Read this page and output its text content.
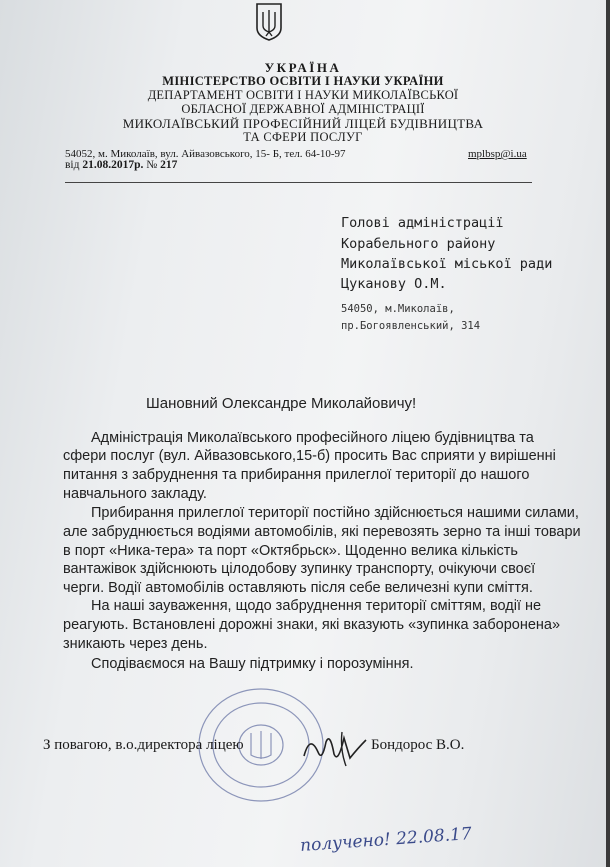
УКРАЇНА
МІНІСТЕРСТВО ОСВІТИ І НАУКИ УКРАЇНИ
ДЕПАРТАМЕНТ ОСВІТИ І НАУКИ МИКОЛАЇВСЬКОЇ
ОБЛАСНОЇ ДЕРЖАВНОЇ АДМІНІСТРАЦІЇ
МИКОЛАЇВСЬКИЙ ПРОФЕСІЙНИЙ ЛІЦЕЙ БУДІВНИЦТВА
ТА СФЕРИ ПОСЛУГ
54052, м. Миколаїв, вул. Айвазовського, 15- Б, тел. 64-10-97	mplbsp@i.ua
від 21.08.2017р. № 217
Голові адміністрації
Корабельного району
Миколаївської міської ради
Цуканову О.М.
54050, м.Миколаїв,
пр.Богоявленський, 314
Шановний Олександре Миколайовичу!
Адміністрація Миколаївського професійного ліцею будівництва та
сфери послуг (вул. Айвазовського,15-б) просить Вас сприяти у вирішенні
питання з забруднення та прибирання прилеглої території до нашого
навчального закладу.
Прибирання прилеглої території постійно здійснюється нашими силами,
але забруднюється водіями автомобілів, які перевозять зерно та інші товари
в порт «Ника-тера» та порт «Октябрьск». Щоденно велика кількість
вантажівок здійснюють цілодобову зупинку транспорту, очікуючи своєї
черги. Водії автомобілів оставляють після себе величезні купи сміття.
На наші зауваження, щодо забруднення території сміттям, водії не
реагують. Встановлені дорожні знаки, які вказують «зупинка заборонена»
зникають через день.
Сподіваємося на Вашу підтримку і порозуміння.
З повагою, в.о.директора ліцею	Бондорос В.О.
получено! 22.08.17
